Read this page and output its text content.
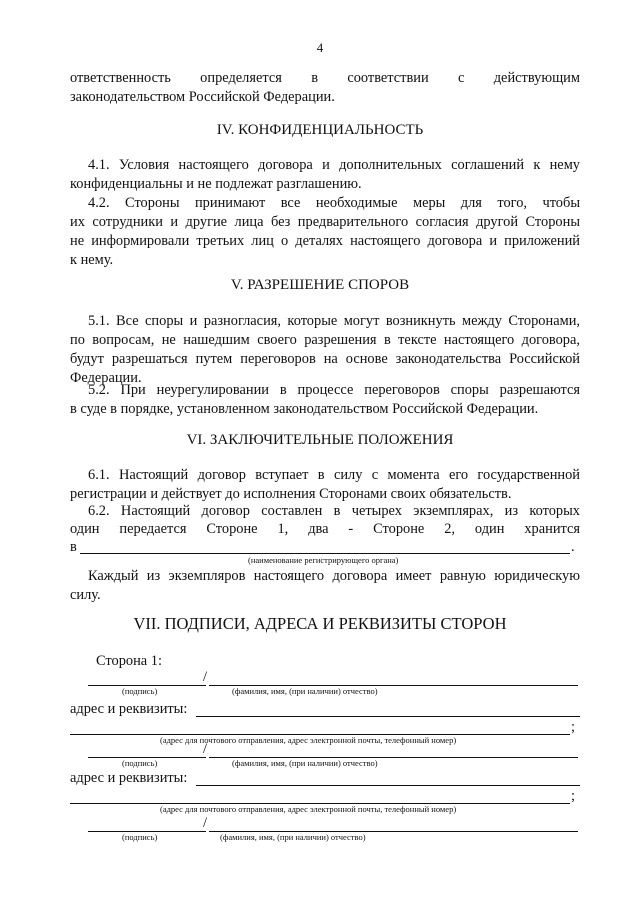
4
ответственность определяется в соответствии с действующим
законодательством Российской Федерации.
IV. КОНФИДЕНЦИАЛЬНОСТЬ
4.1. Условия настоящего договора и дополнительных соглашений к нему
конфиденциальны и не подлежат разглашению.
4.2. Стороны принимают все необходимые меры для того, чтобы
их сотрудники и другие лица без предварительного согласия другой Стороны
не информировали третьих лиц о деталях настоящего договора и приложений
к нему.
V. РАЗРЕШЕНИЕ СПОРОВ
5.1. Все споры и разногласия, которые могут возникнуть между Сторонами,
по вопросам, не нашедшим своего разрешения в тексте настоящего договора,
будут разрешаться путем переговоров на основе законодательства Российской
Федерации.
5.2. При неурегулировании в процессе переговоров споры разрешаются
в суде в порядке, установленном законодательством Российской Федерации.
VI. ЗАКЛЮЧИТЕЛЬНЫЕ ПОЛОЖЕНИЯ
6.1. Настоящий договор вступает в силу с момента его государственной
регистрации и действует до исполнения Сторонами своих обязательств.
6.2. Настоящий договор составлен в четырех экземплярах, из которых
один передается Стороне 1, два - Стороне 2, один хранится
в	.
(наименование регистрирующего органа)
Каждый из экземпляров настоящего договора имеет равную юридическую
силу.
VII. ПОДПИСИ, АДРЕСА И РЕКВИЗИТЫ СТОРОН
Сторона 1:
/
(подпись)	(фамилия, имя, (при наличии) отчество)
адрес и реквизиты:
;
(адрес для почтового отправления, адрес электронной почты, телефонный номер)
/
(подпись)	(фамилия, имя, (при наличии) отчество)
адрес и реквизиты:
;
(адрес для почтового отправления, адрес электронной почты, телефонный номер)
/
(подпись)	(фамилия, имя, (при наличии) отчество)
